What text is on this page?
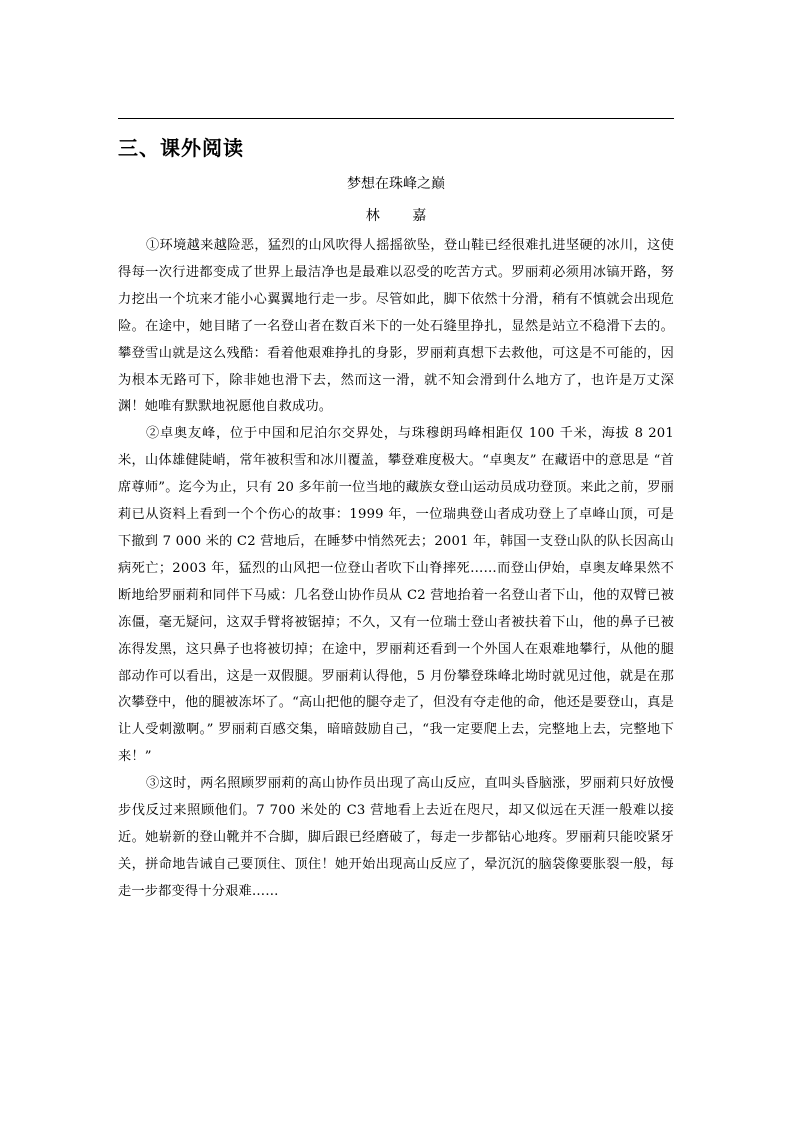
三、课外阅读
梦想在珠峰之巅
林 嘉

①环境越来越险恶，猛烈的山风吹得人摇摇欲坠，登山鞋已经很难扎进坚硬的冰川，这使得每一次行进都变成了世界上最洁净也是最难以忍受的吃苦方式。罗丽莉必须用冰镐开路，努力挖出一个坑来才能小心翼翼地行走一步。尽管如此，脚下依然十分滑，稍有不慎就会出现危险。在途中，她目睹了一名登山者在数百米下的一处石缝里挣扎，显然是站立不稳滑下去的。攀登雪山就是这么残酷：看着他艰难挣扎的身影，罗丽莉真想下去救他，可这是不可能的，因为根本无路可下，除非她也滑下去，然而这一滑，就不知会滑到什么地方了，也许是万丈深渊！她唯有默默地祝愿他自救成功。

②卓奥友峰，位于中国和尼泊尔交界处，与珠穆朗玛峰相距仅 100 千米，海拔 8 201 米，山体雄健陡峭，常年被积雪和冰川覆盖，攀登难度极大。“卓奥友” 在藏语中的意思是 “首席尊师”。迄今为止，只有 20 多年前一位当地的藏族女登山运动员成功登顶。来此之前，罗丽莉已从资料上看到一个个伤心的故事：1999 年，一位瑞典登山者成功登上了卓峰山顶，可是下撤到 7 000 米的 C2 营地后，在睡梦中悄然死去；2001 年，韩国一支登山队的队长因高山病死亡；2003 年，猛烈的山风把一位登山者吹下山脊摔死……而登山伊始，卓奥友峰果然不断地给罗丽莉和同伴下马威：几名登山协作员从 C2 营地抬着一名登山者下山，他的双臂已被冻僵，毫无疑问，这双手臂将被锯掉；不久，又有一位瑞士登山者被扶着下山，他的鼻子已被冻得发黑，这只鼻子也将被切掉；在途中，罗丽莉还看到一个外国人在艰难地攀行，从他的腿部动作可以看出，这是一双假腿。罗丽莉认得他，5 月份攀登珠峰北坳时就见过他，就是在那次攀登中，他的腿被冻坏了。“高山把他的腿夺走了，但没有夺走他的命，他还是要登山，真是让人受刺激啊。” 罗丽莉百感交集，暗暗鼓励自己，“我一定要爬上去，完整地上去，完整地下来！”

③这时，两名照顾罗丽莉的高山协作员出现了高山反应，直叫头昏脑涨，罗丽莉只好放慢步伐反过来照顾他们。7 700 米处的 C3 营地看上去近在咫尺，却又似远在天涯一般难以接近。她崭新的登山靴并不合脚，脚后跟已经磨破了，每走一步都钻心地疼。罗丽莉只能咬紧牙关，拼命地告诫自己要顶住、顶住！她开始出现高山反应了，晕沉沉的脑袋像要胀裂一般，每走一步都变得十分艰难……
